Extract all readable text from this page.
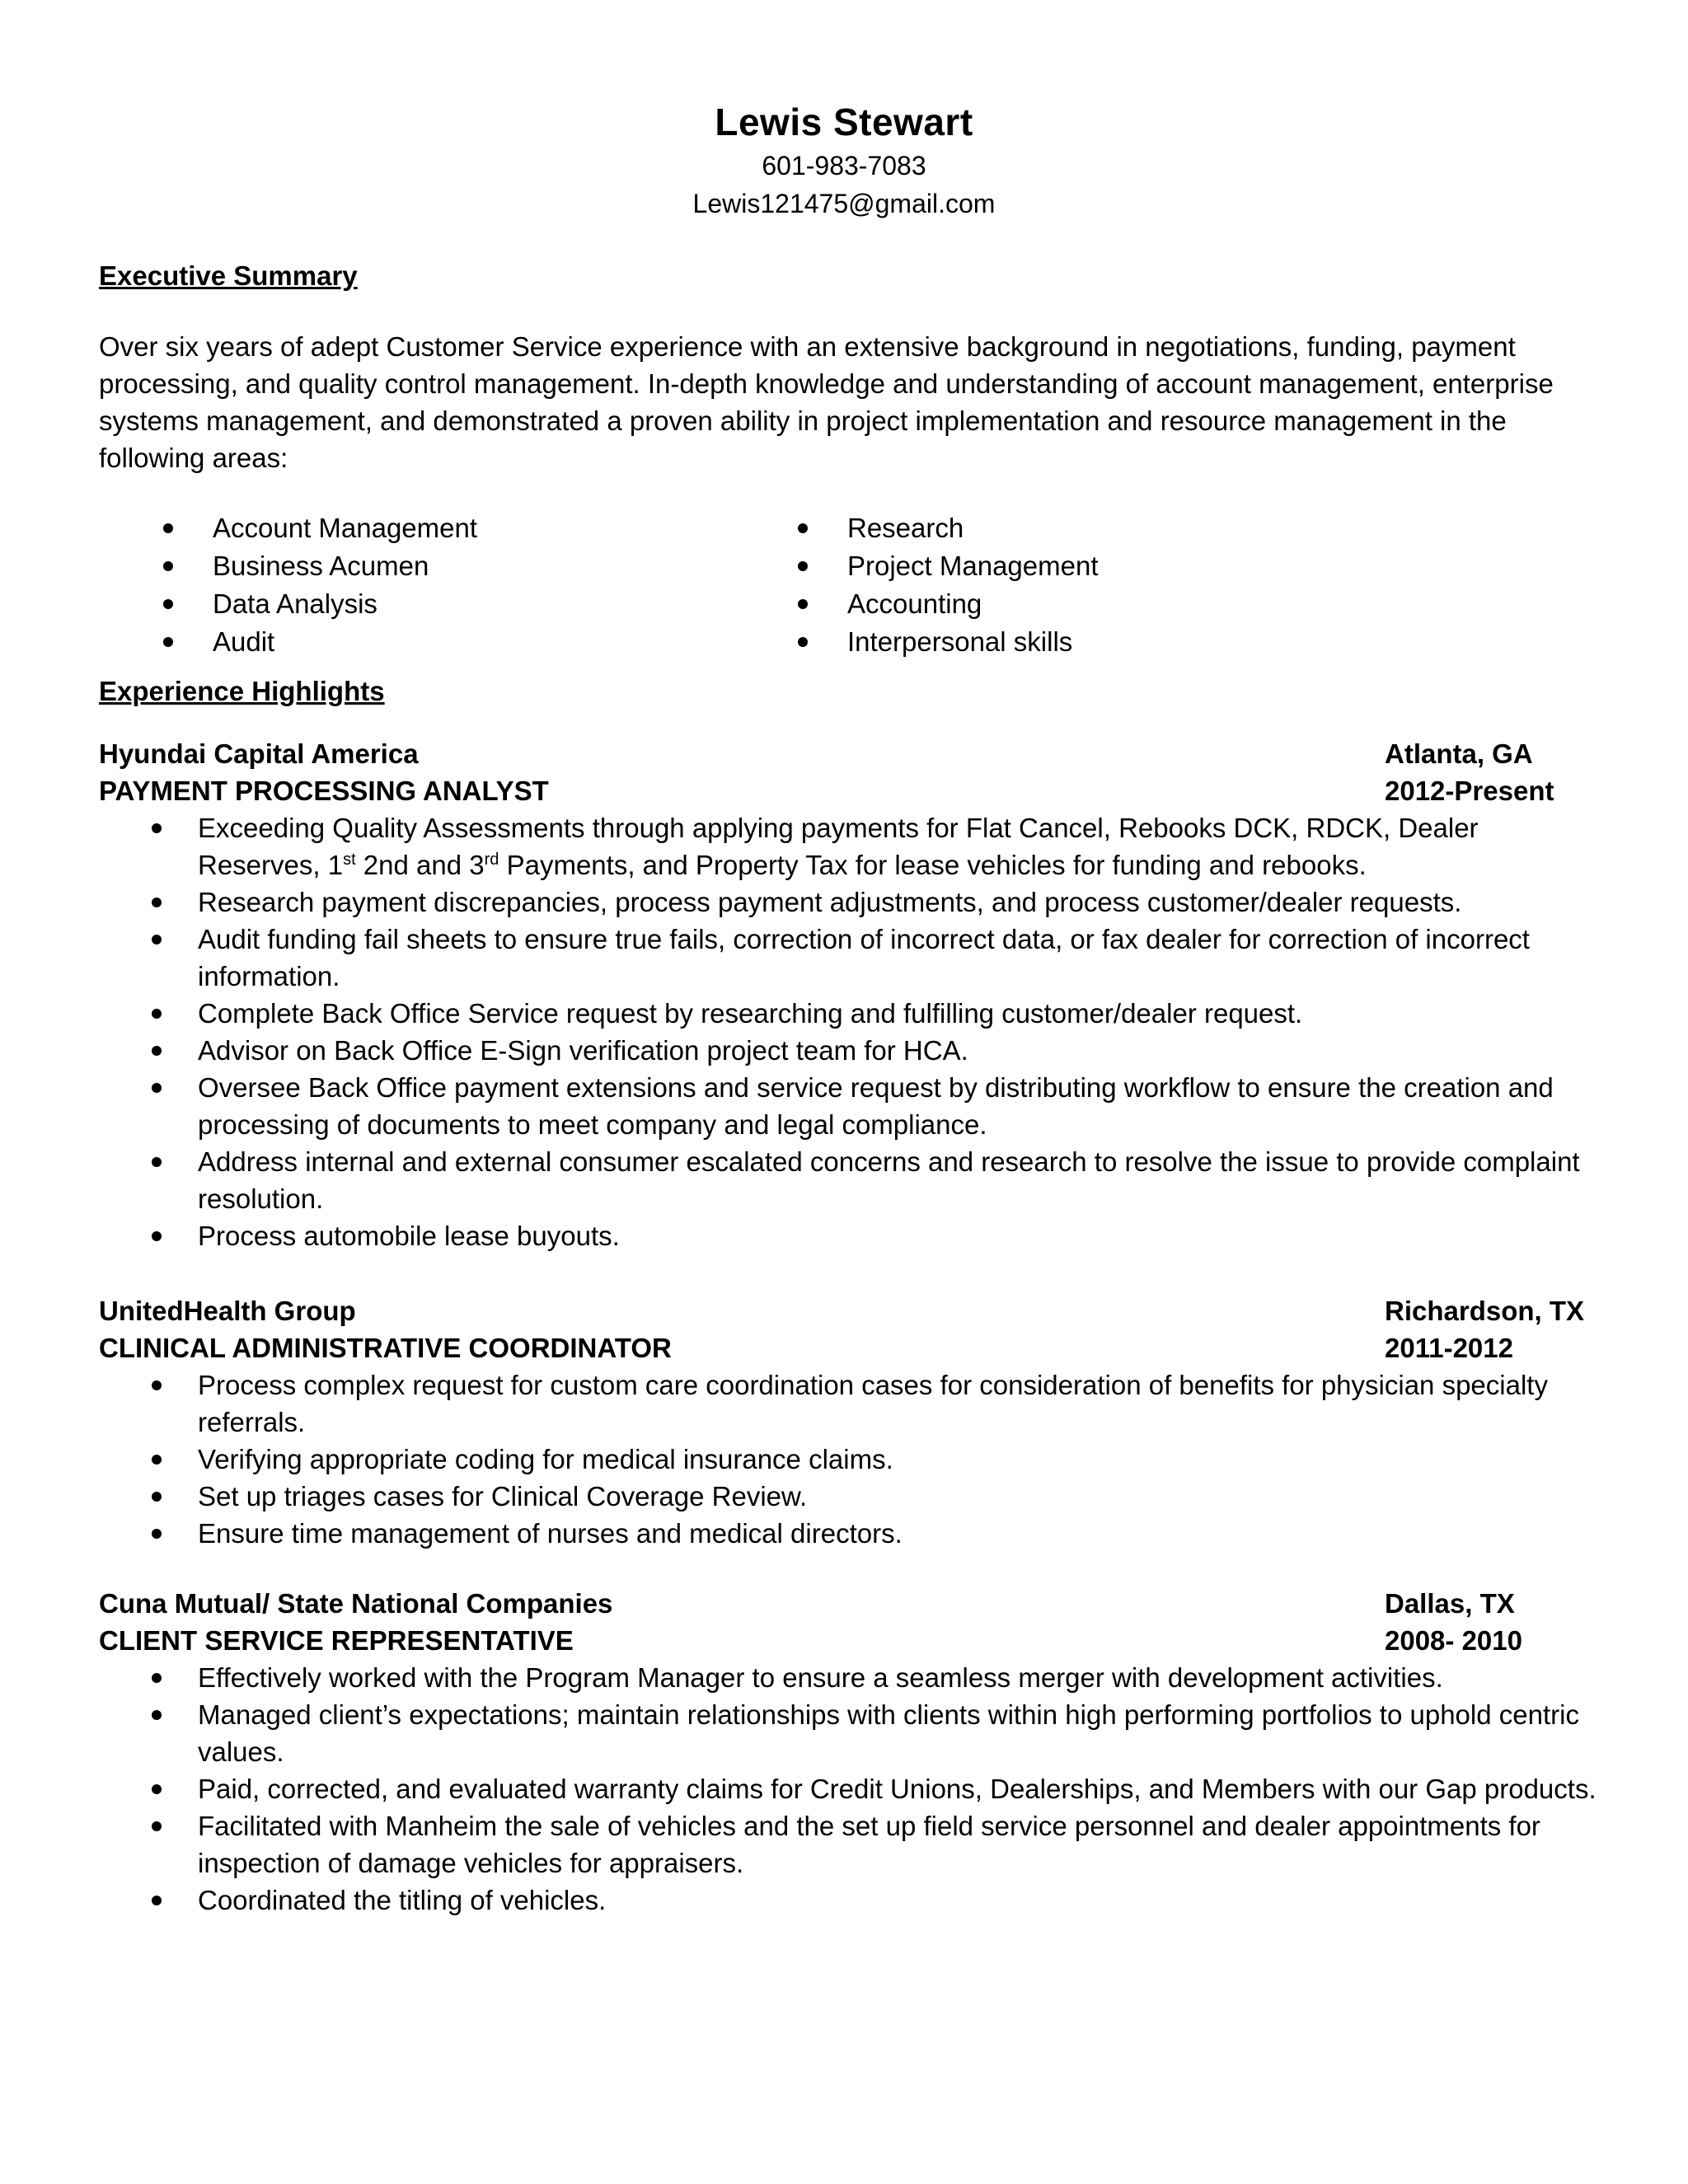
Lewis Stewart
601-983-7083
Lewis121475@gmail.com
Executive Summary

Over six years of adept Customer Service experience with an extensive background in negotiations, funding, payment processing, and quality control management. In-depth knowledge and understanding of account management, enterprise systems management, and demonstrated a proven ability in project implementation and resource management in the following areas:

Account Management
Business Acumen
Data Analysis
Audit
Research
Project Management
Accounting
Interpersonal skills
Experience Highlights
Hyundai Capital America	Atlanta, GA
PAYMENT PROCESSING ANALYST	2012-Present
Exceeding Quality Assessments through applying payments for Flat Cancel, Rebooks DCK, RDCK, Dealer Reserves, 1st 2nd and 3rd Payments, and Property Tax for lease vehicles for funding and rebooks.
Research payment discrepancies, process payment adjustments, and process customer/dealer requests.
Audit funding fail sheets to ensure true fails, correction of incorrect data, or fax dealer for correction of incorrect information.
Complete Back Office Service request by researching and fulfilling customer/dealer request.
Advisor on Back Office E-Sign verification project team for HCA.
Oversee Back Office payment extensions and service request by distributing workflow to ensure the creation and processing of documents to meet company and legal compliance.
Address internal and external consumer escalated concerns and research to resolve the issue to provide complaint resolution.
Process automobile lease buyouts.
UnitedHealth Group	Richardson, TX
CLINICAL ADMINISTRATIVE COORDINATOR	2011-2012
Process complex request for custom care coordination cases for consideration of benefits for physician specialty referrals.
Verifying appropriate coding for medical insurance claims.
Set up triages cases for Clinical Coverage Review.
Ensure time management of nurses and medical directors.
Cuna Mutual/ State National Companies	Dallas, TX
CLIENT SERVICE REPRESENTATIVE	2008- 2010
Effectively worked with the Program Manager to ensure a seamless merger with development activities.
Managed client’s expectations; maintain relationships with clients within high performing portfolios to uphold centric values.
Paid, corrected, and evaluated warranty claims for Credit Unions, Dealerships, and Members with our Gap products.
Facilitated with Manheim the sale of vehicles and the set up field service personnel and dealer appointments for inspection of damage vehicles for appraisers.
Coordinated the titling of vehicles.
